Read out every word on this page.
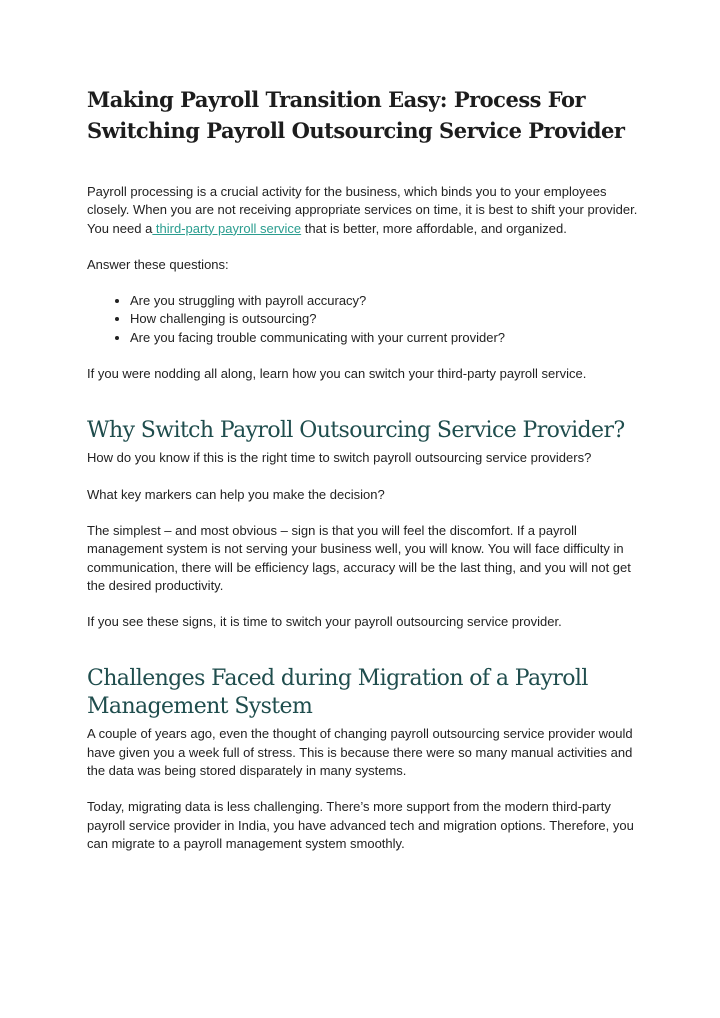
Making Payroll Transition Easy: Process For Switching Payroll Outsourcing Service Provider

Payroll processing is a crucial activity for the business, which binds you to your employees closely. When you are not receiving appropriate services on time, it is best to shift your provider. You need a third-party payroll service that is better, more affordable, and organized.

Answer these questions:

• Are you struggling with payroll accuracy?
• How challenging is outsourcing?
• Are you facing trouble communicating with your current provider?

If you were nodding all along, learn how you can switch your third-party payroll service.

Why Switch Payroll Outsourcing Service Provider?

How do you know if this is the right time to switch payroll outsourcing service providers?

What key markers can help you make the decision?

The simplest – and most obvious – sign is that you will feel the discomfort. If a payroll management system is not serving your business well, you will know. You will face difficulty in communication, there will be efficiency lags, accuracy will be the last thing, and you will not get the desired productivity.

If you see these signs, it is time to switch your payroll outsourcing service provider.

Challenges Faced during Migration of a Payroll Management System

A couple of years ago, even the thought of changing payroll outsourcing service provider would have given you a week full of stress. This is because there were so many manual activities and the data was being stored disparately in many systems.

Today, migrating data is less challenging. There’s more support from the modern third-party payroll service provider in India, you have advanced tech and migration options. Therefore, you can migrate to a payroll management system smoothly.
